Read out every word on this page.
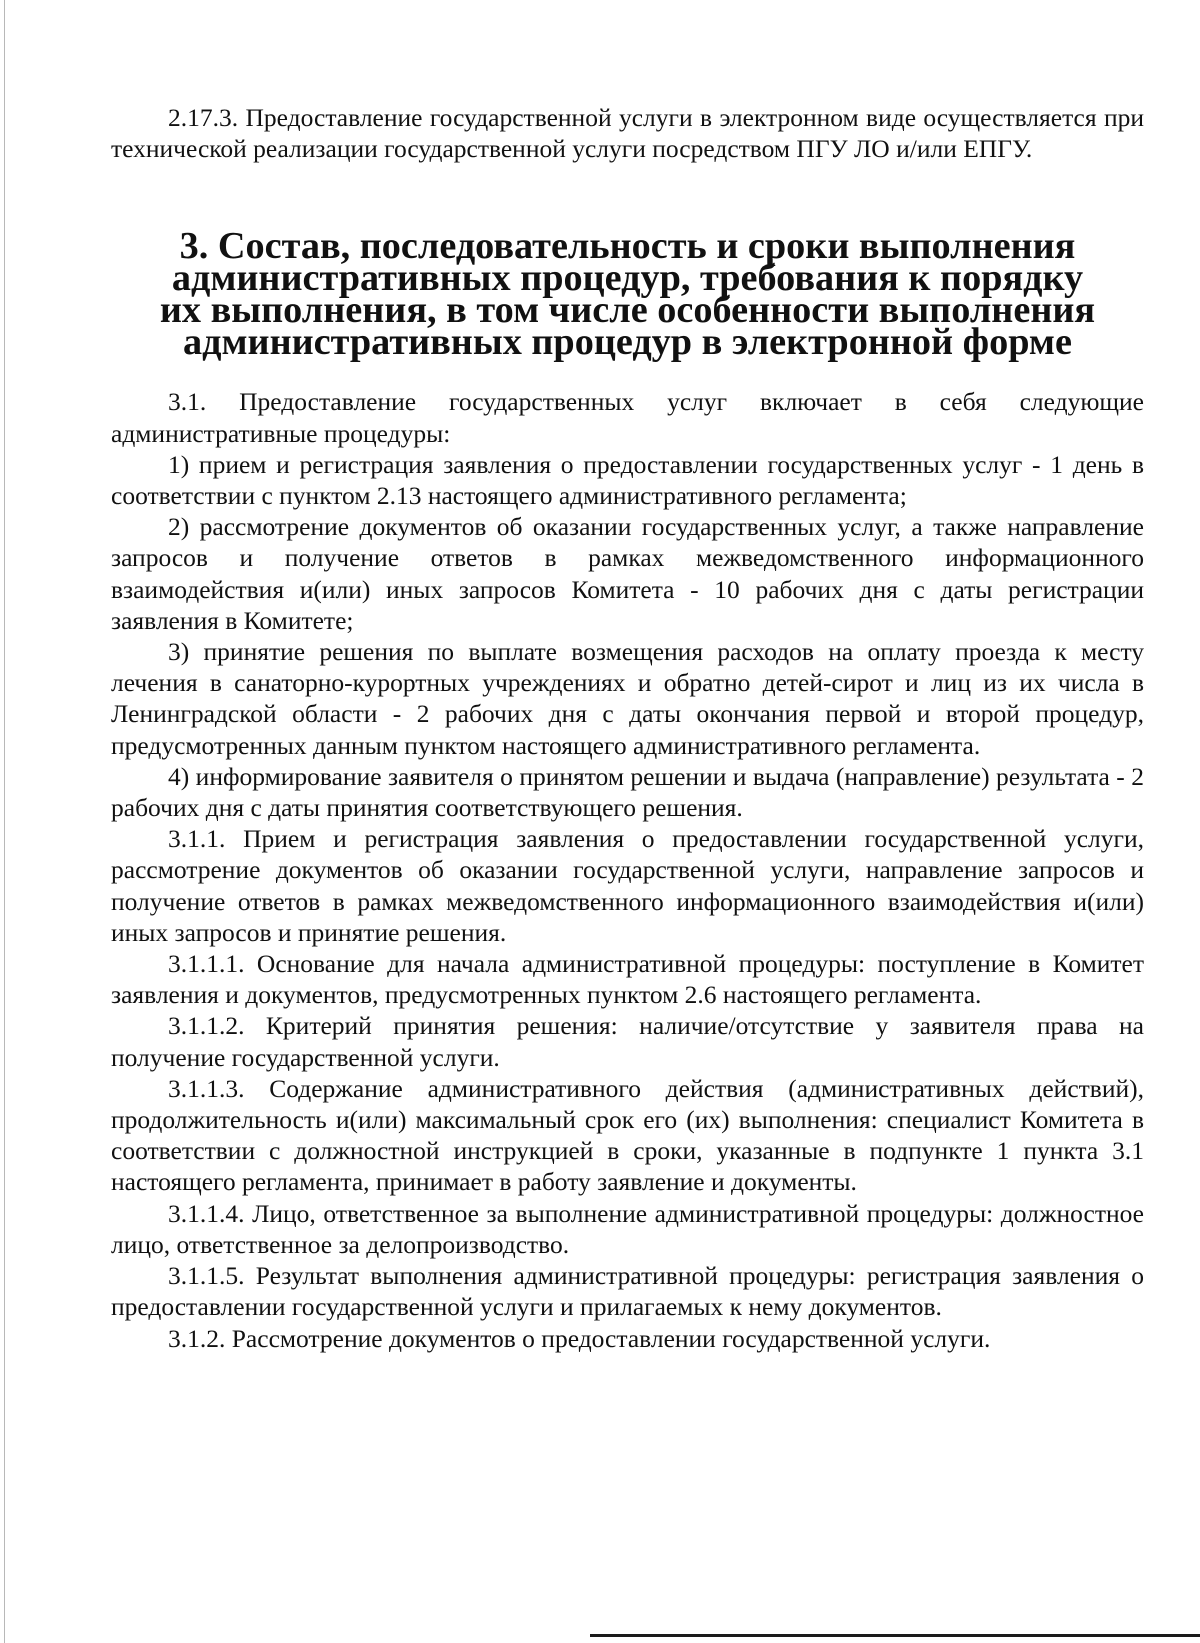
2.17.3. Предоставление государственной услуги в электронном виде осуществляется при технической реализации государственной услуги посредством ПГУ ЛО и/или ЕПГУ.

3. Состав, последовательность и сроки выполнения
административных процедур, требования к порядку
их выполнения, в том числе особенности выполнения
административных процедур в электронной форме

3.1. Предоставление государственных услуг включает в себя следующие административные процедуры:

1) прием и регистрация заявления о предоставлении государственных услуг - 1 день в соответствии с пунктом 2.13 настоящего административного регламента;

2) рассмотрение документов об оказании государственных услуг, а также направление запросов и получение ответов в рамках межведомственного информационного взаимодействия и(или) иных запросов Комитета - 10 рабочих дня с даты регистрации заявления в Комитете;

3) принятие решения по выплате возмещения расходов на оплату проезда к месту лечения в санаторно-курортных учреждениях и обратно детей-сирот и лиц из их числа в Ленинградской области - 2 рабочих дня с даты окончания первой и второй процедур, предусмотренных данным пунктом настоящего административного регламента.

4) информирование заявителя о принятом решении и выдача (направление) результата - 2 рабочих дня с даты принятия соответствующего решения.

3.1.1. Прием и регистрация заявления о предоставлении государственной услуги, рассмотрение документов об оказании государственной услуги, направление запросов и получение ответов в рамках межведомственного информационного взаимодействия и(или) иных запросов и принятие решения.

3.1.1.1. Основание для начала административной процедуры: поступление в Комитет заявления и документов, предусмотренных пунктом 2.6 настоящего регламента.

3.1.1.2. Критерий принятия решения: наличие/отсутствие у заявителя права на получение государственной услуги.

3.1.1.3. Содержание административного действия (административных действий), продолжительность и(или) максимальный срок его (их) выполнения: специалист Комитета в соответствии с должностной инструкцией в сроки, указанные в подпункте 1 пункта 3.1 настоящего регламента, принимает в работу заявление и документы.

3.1.1.4. Лицо, ответственное за выполнение административной процедуры: должностное лицо, ответственное за делопроизводство.

3.1.1.5. Результат выполнения административной процедуры: регистрация заявления о предоставлении государственной услуги и прилагаемых к нему документов.

3.1.2. Рассмотрение документов о предоставлении государственной услуги.
